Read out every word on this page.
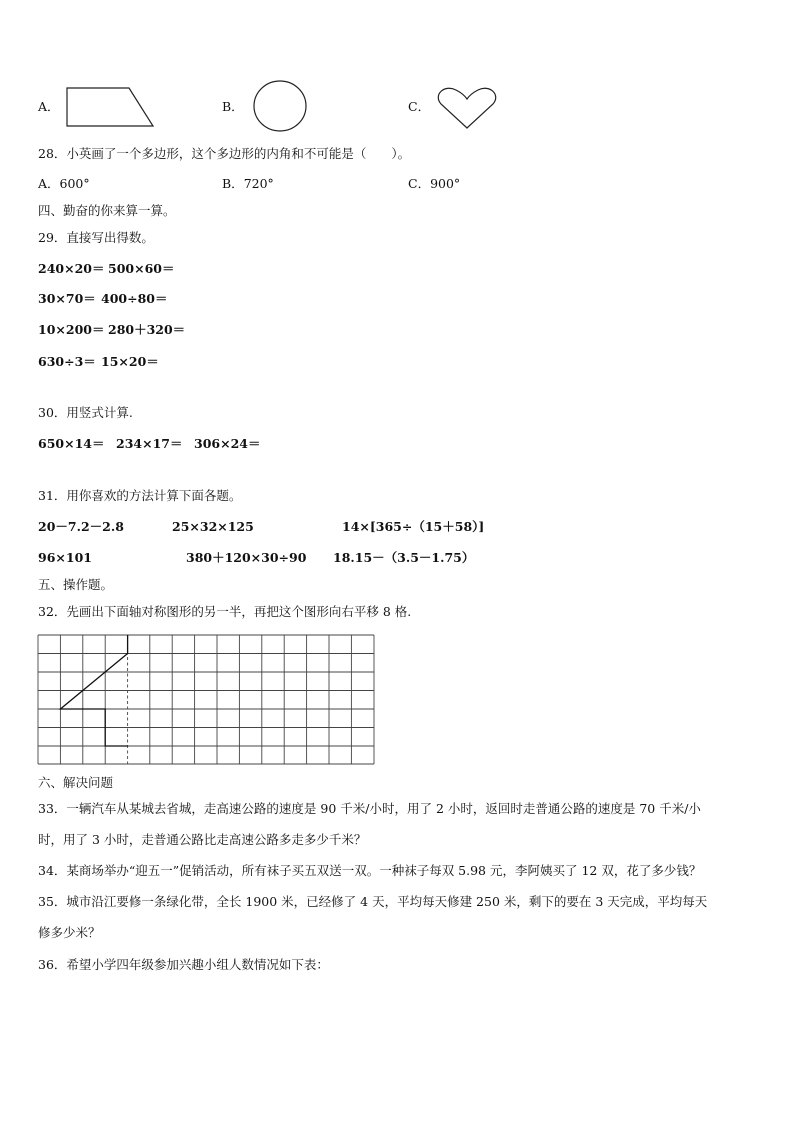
A．	B．	C．
28．小英画了一个多边形，这个多边形的内角和不可能是（　　）。
A．600°	B．720°	C．900°
四、勤奋的你来算一算。
29．直接写出得数。
240×20＝ 500×60＝
30×70＝ 400÷80＝
10×200＝ 280＋320＝
630÷3＝ 15×20＝
30．用竖式计算.
650×14＝ 234×17＝ 306×24＝
31．用你喜欢的方法计算下面各题。
20－7.2－2.8	25×32×125	14×[365÷（15＋58）]
96×101	380＋120×30÷90 18.15－（3.5－1.75）
五、操作题。
32．先画出下面轴对称图形的另一半，再把这个图形向右平移 8 格.
六、解决问题
33．一辆汽车从某城去省城，走高速公路的速度是 90 千米/小时，用了 2 小时，返回时走普通公路的速度是 70 千米/小
时，用了 3 小时，走普通公路比走高速公路多走多少千米？
34．某商场举办“迎五一”促销活动，所有袜子买五双送一双。一种袜子每双 5.98 元，李阿姨买了 12 双，花了多少钱？
35．城市沿江要修一条绿化带，全长 1900 米，已经修了 4 天，平均每天修建 250 米，剩下的要在 3 天完成，平均每天
修多少米？
36．希望小学四年级参加兴趣小组人数情况如下表：
